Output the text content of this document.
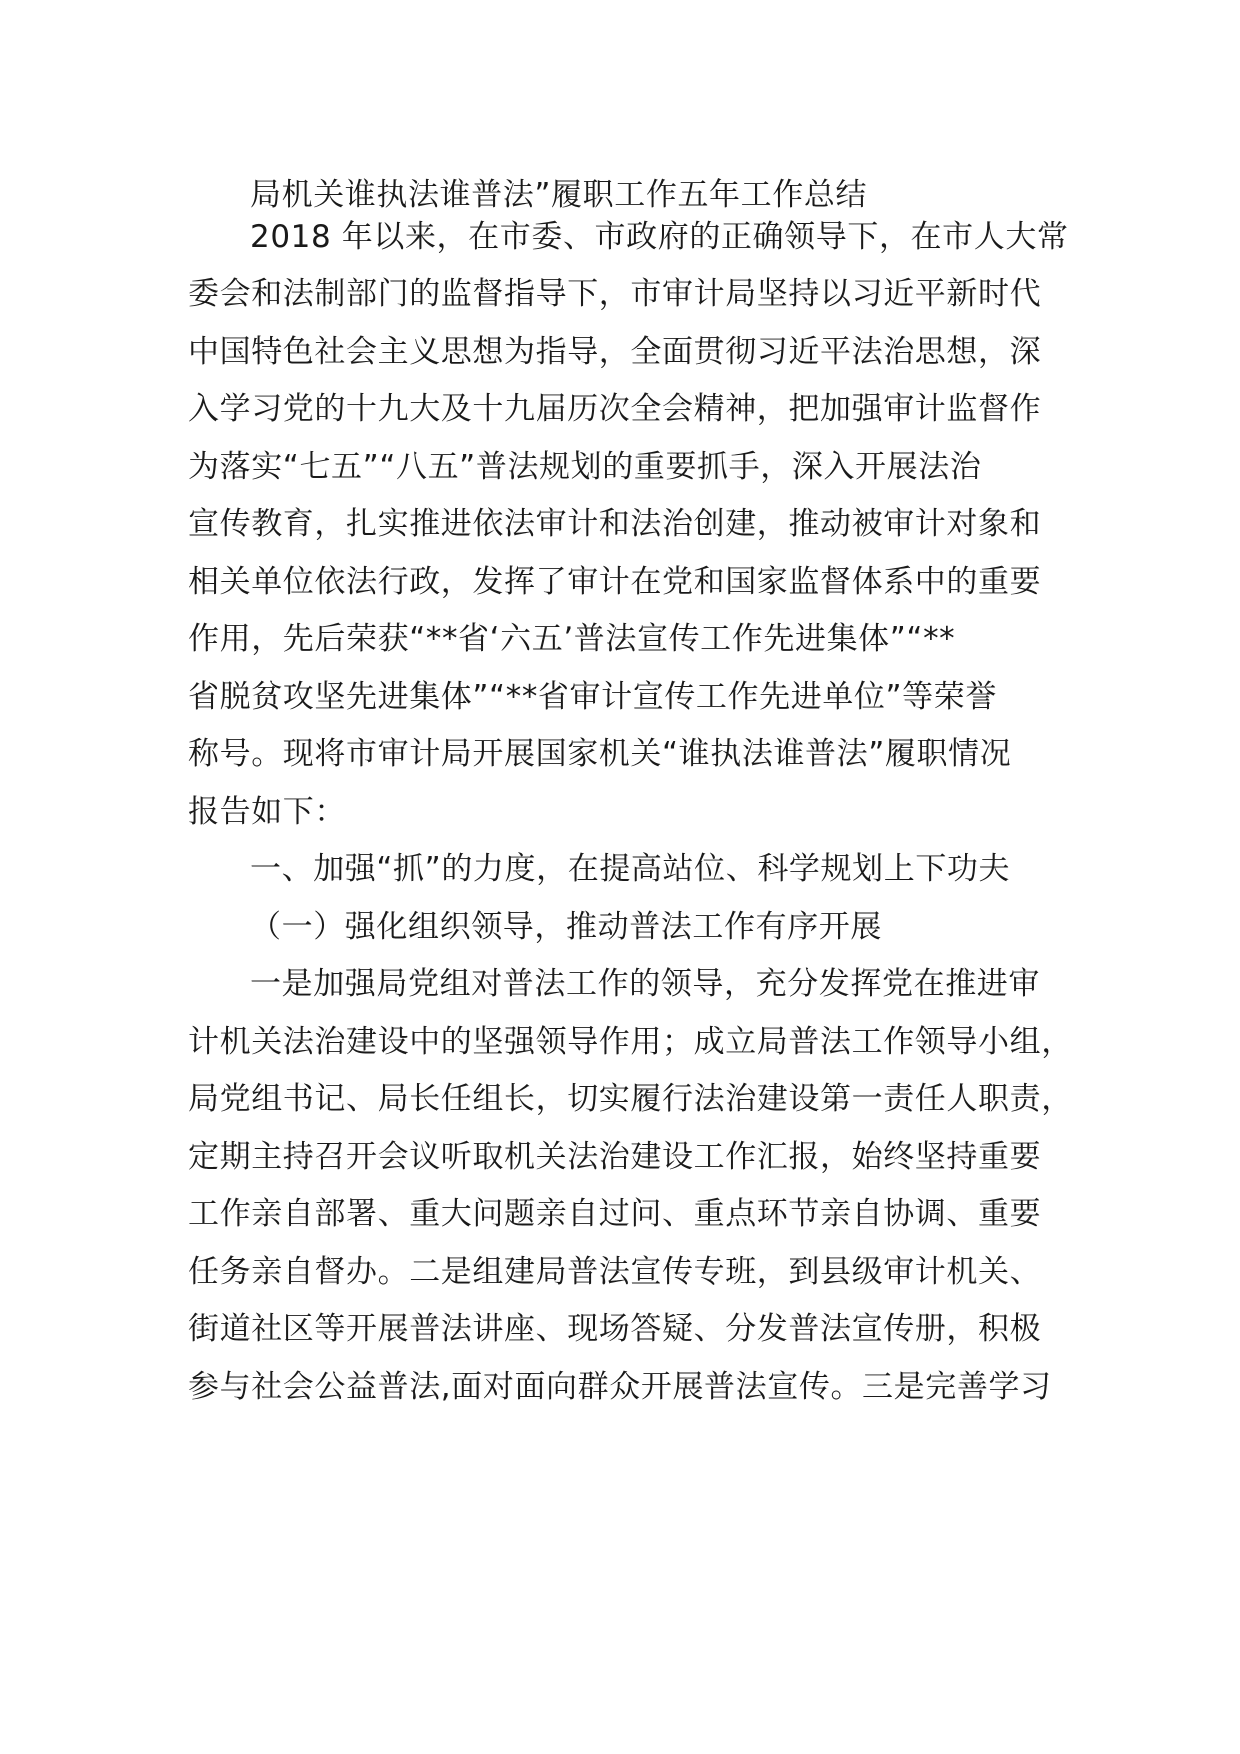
局机关谁执法谁普法”履职工作五年工作总结
2018 年以来，在市委、市政府的正确领导下，在市人大常
委会和法制部门的监督指导下，市审计局坚持以习近平新时代
中国特色社会主义思想为指导，全面贯彻习近平法治思想，深
入学习党的十九大及十九届历次全会精神，把加强审计监督作
为落实“七五”“八五”普法规划的重要抓手，深入开展法治
宣传教育，扎实推进依法审计和法治创建，推动被审计对象和
相关单位依法行政，发挥了审计在党和国家监督体系中的重要
作用，先后荣获“**省‘六五’普法宣传工作先进集体”“**
省脱贫攻坚先进集体”“**省审计宣传工作先进单位”等荣誉
称号。现将市审计局开展国家机关“谁执法谁普法”履职情况
报告如下：
一、加强“抓”的力度，在提高站位、科学规划上下功夫
（一）强化组织领导，推动普法工作有序开展
一是加强局党组对普法工作的领导，充分发挥党在推进审
计机关法治建设中的坚强领导作用；成立局普法工作领导小组，
局党组书记、局长任组长，切实履行法治建设第一责任人职责，
定期主持召开会议听取机关法治建设工作汇报，始终坚持重要
工作亲自部署、重大问题亲自过问、重点环节亲自协调、重要
任务亲自督办。二是组建局普法宣传专班，到县级审计机关、
街道社区等开展普法讲座、现场答疑、分发普法宣传册，积极
参与社会公益普法,面对面向群众开展普法宣传。三是完善学习
